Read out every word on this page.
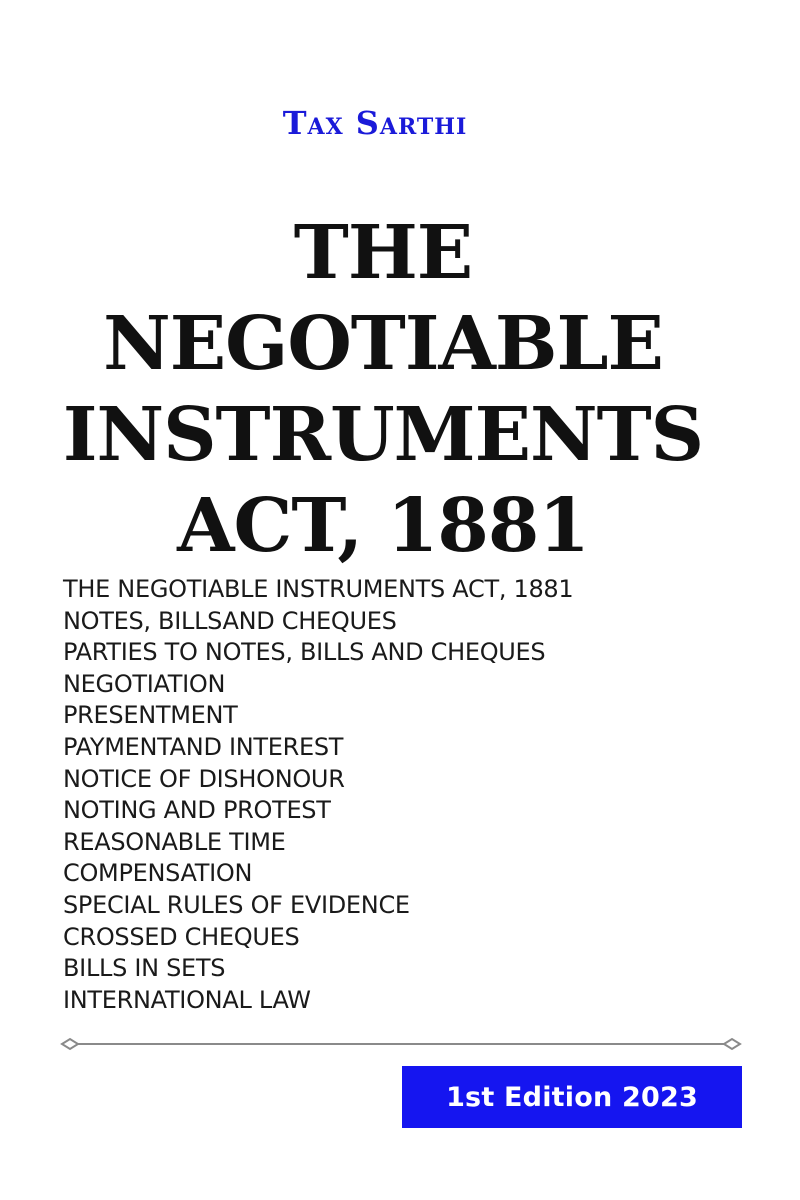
Tax Sarthi
THE
NEGOTIABLE
INSTRUMENTS
ACT, 1881
THE NEGOTIABLE INSTRUMENTS ACT, 1881
NOTES, BILLSAND CHEQUES
PARTIES TO NOTES, BILLS AND CHEQUES
NEGOTIATION
PRESENTMENT
PAYMENTAND INTEREST
NOTICE OF DISHONOUR
NOTING AND PROTEST
REASONABLE TIME
COMPENSATION
SPECIAL RULES OF EVIDENCE
CROSSED CHEQUES
BILLS IN SETS
INTERNATIONAL LAW
1st Edition 2023
